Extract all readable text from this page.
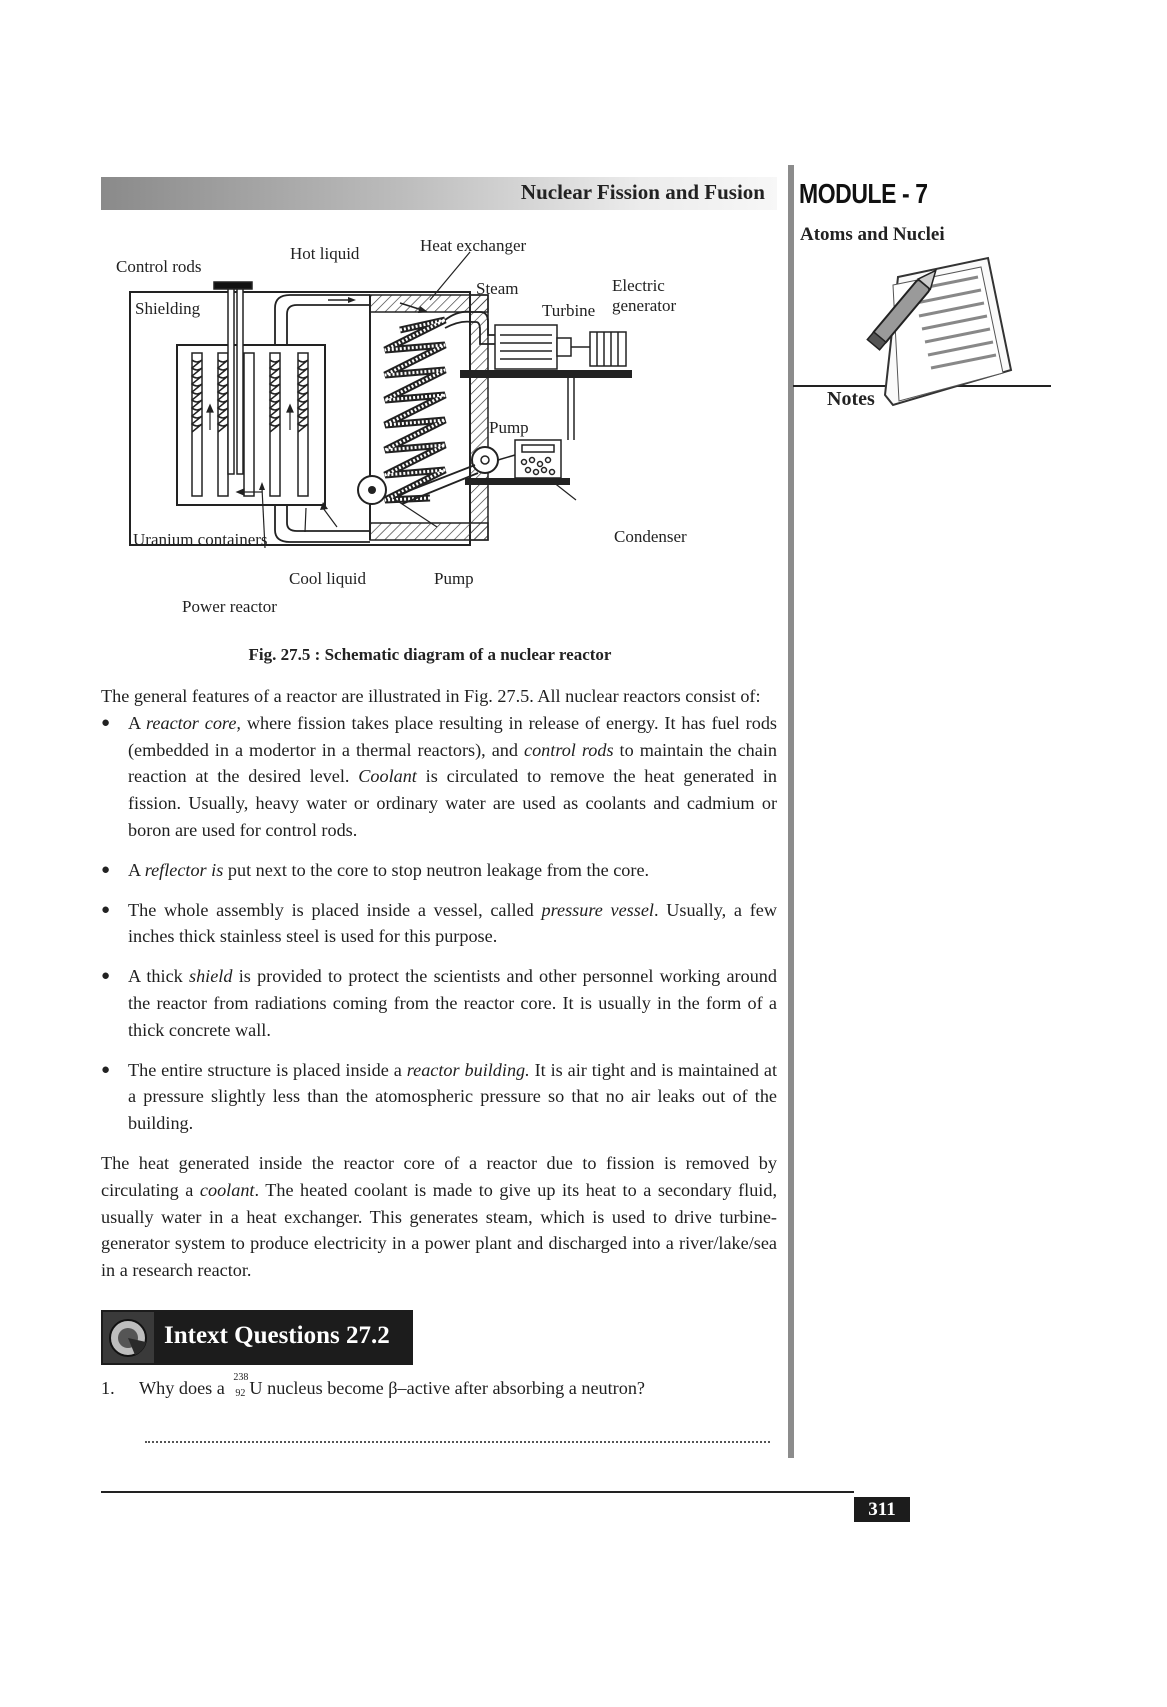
Nuclear Fission and Fusion MODULE - 7
Atoms and Nuclei
Notes
Control rods
Shielding
Hot liquid	Heat exchanger
Steam
Turbine
Electric
generator
Pump
Condenser
Uranium containers
Cool liquid	Pump
Power reactor
Fig. 27.5 : Schematic diagram of a nuclear reactor

The general features of a reactor are illustrated in Fig. 27.5. All nuclear reactors consist of:

● A reactor core, where fission takes place resulting in release of energy. It has fuel rods (embedded in a modertor in a thermal reactors), and control rods to maintain the chain reaction at the desired level. Coolant is circulated to remove the heat generated in fission. Usually, heavy water or ordinary water are used as coolants and cadmium or boron are used for control rods.
● A reflector is put next to the core to stop neutron leakage from the core.
● The whole assembly is placed inside a vessel, called pressure vessel. Usually, a few inches thick stainless steel is used for this purpose.
● A thick shield is provided to protect the scientists and other personnel working around the reactor from radiations coming from the reactor core. It is usually in the form of a thick concrete wall.
● The entire structure is placed inside a reactor building. It is air tight and is maintained at a pressure slightly less than the atomospheric pressure so that no air leaks out of the building.

The heat generated inside the reactor core of a reactor due to fission is removed by circulating a coolant. The heated coolant is made to give up its heat to a secondary fluid, usually water in a heat exchanger. This generates steam, which is used to drive turbine-generator system to produce electricity in a power plant and discharged into a river/lake/sea in a research reactor.

Intext Questions 27.2
1. Why does a
238
92 U nucleus become β–active after absorbing a neutron?
311
